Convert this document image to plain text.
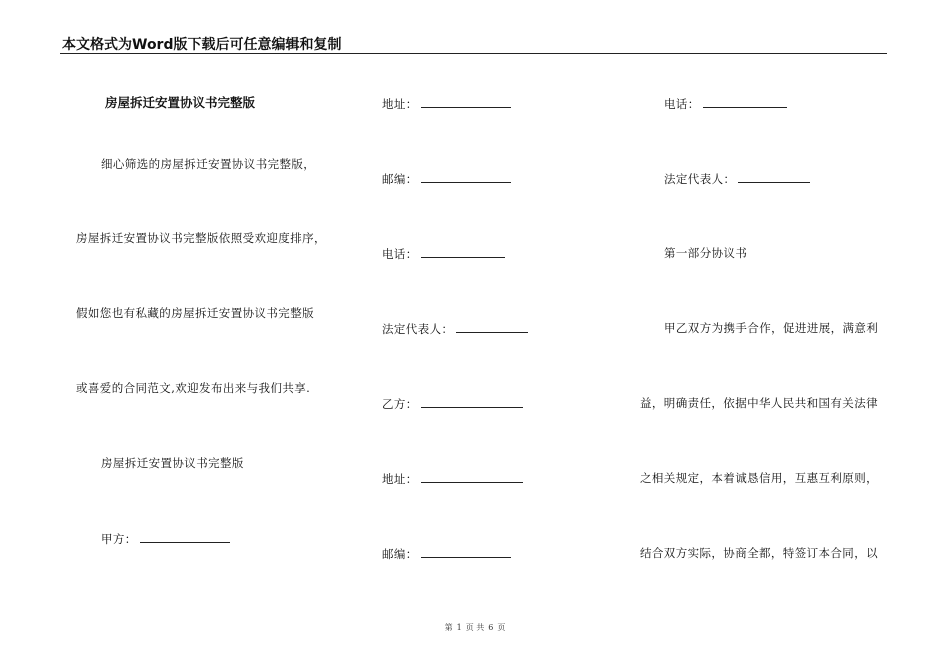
本文格式为Word版下载后可任意编辑和复制
房屋拆迁安置协议书完整版
细心筛选的房屋拆迁安置协议书完整版，
房屋拆迁安置协议书完整版依照受欢迎度排序，
假如您也有私藏的房屋拆迁安置协议书完整版
或喜爱的合同范文,欢迎发布出来与我们共享.
房屋拆迁安置协议书完整版
甲方：
地址：
邮编：
电话：
法定代表人：
乙方：
地址：
邮编：
电话：
法定代表人：
第一部分协议书
甲乙双方为携手合作，促进进展，满意利
益，明确责任，依据中华人民共和国有关法律
之相关规定，本着诚恳信用，互惠互利原则，
结合双方实际，协商全都，特签订本合同，以
第 1 页 共 6 页
